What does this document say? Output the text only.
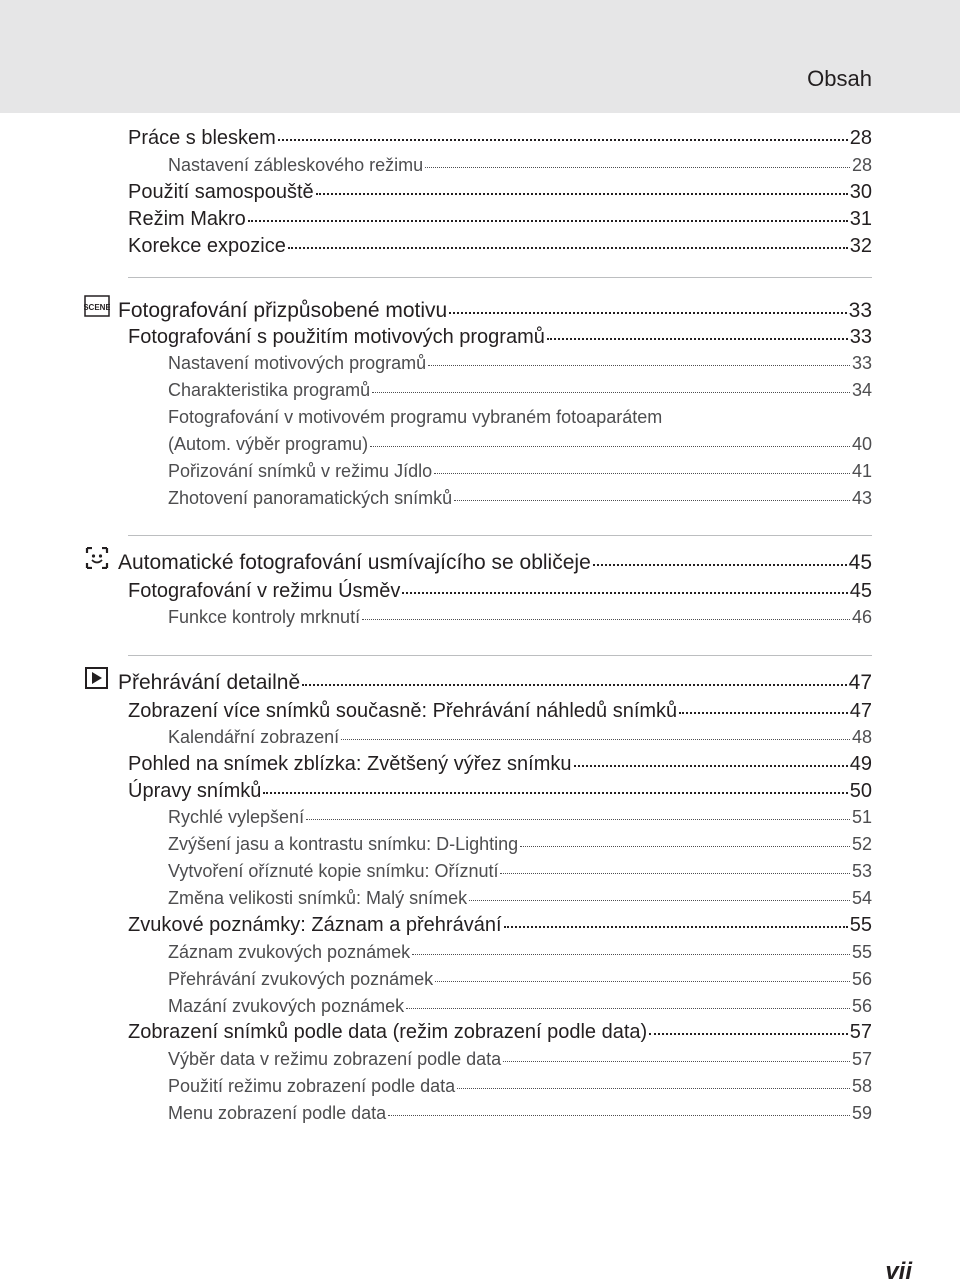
Obsah
Práce s bleskem	28
Nastavení zábleskového režimu	28
Použití samospouště	30
Režim Makro	31
Korekce expozice	32
SCENE Fotografování přizpůsobené motivu	33
Fotografování s použitím motivových programů	33
Nastavení motivových programů	33
Charakteristika programů	34
Fotografování v motivovém programu vybraném fotoaparátem
(Autom. výběr programu)	40
Pořizování snímků v režimu Jídlo	41
Zhotovení panoramatických snímků	43
Automatické fotografování usmívajícího se obličeje	45
Fotografování v režimu Úsměv	45
Funkce kontroly mrknutí	46
Přehrávání detailně	47
Zobrazení více snímků současně: Přehrávání náhledů snímků	47
Kalendářní zobrazení	48
Pohled na snímek zblízka: Zvětšený výřez snímku	49
Úpravy snímků	50
Rychlé vylepšení	51
Zvýšení jasu a kontrastu snímku: D-Lighting	52
Vytvoření oříznuté kopie snímku: Oříznutí	53
Změna velikosti snímků: Malý snímek	54
Zvukové poznámky: Záznam a přehrávání	55
Záznam zvukových poznámek	55
Přehrávání zvukových poznámek	56
Mazání zvukových poznámek	56
Zobrazení snímků podle data (režim zobrazení podle data)	57
Výběr data v režimu zobrazení podle data	57
Použití režimu zobrazení podle data	58
Menu zobrazení podle data	59
vii
